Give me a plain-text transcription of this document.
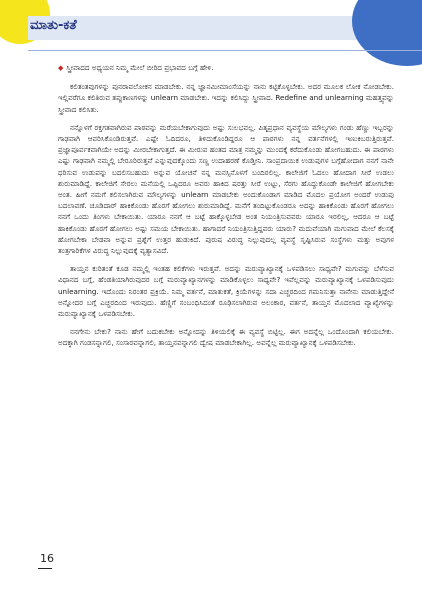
ಮಾತು-ಕತೆ

◆ ಸ್ತ್ರೀವಾದದ ಅಧ್ಯಯನ ನಿಮ್ಮ ಮೇಲೆ ಬೀರಿದ ಪ್ರಭಾವದ ಬಗ್ಗೆ ಹೇಳಿ.

ಕಲಿತಂತವುಗಳನ್ನು ಪುನರಾವಲೋಕನ ಮಾಡಬೇಕು. ನನ್ನ ಜ್ಞಾನಮೀಮಾಂಸೆಯನ್ನು ನಾನು ಕಟ್ಟಿಕೊಳ್ಳಬೇಕು. ಅದರ ಮೂಲಕ ಲೋಕ ನೋಡಬೇಕು. ಇಲ್ಲಿವರೆಗೂ ಕಲಿತಿರುವ ತಪ್ಪುಕಾಣಗಳನ್ನು unlearn ಮಾಡಬೇಕು. ಇದನ್ನು ಕಲಿಸಿದ್ದು ಸ್ತ್ರೀವಾದ. Redefine and unlearning ಮಹತ್ತ್ವವನ್ನು ಸ್ತ್ರೀವಾದ ಕಲಿಸಿತು.

ನನ್ನೊಳಗೆ ರಕ್ತಗತವಾಗಿರುವ ಪಾಠವನ್ನು ಮರೆಯಬೇಕಾಗುವುದು ಅಷ್ಟು ಸುಲಭವಲ್ಲ. ಪಿತೃಪ್ರಧಾನ ವ್ಯವಸ್ಥೆಯ ಮೌಲ್ಯಗಳು ಗಂಡು ಹೆಣ್ಣು ಇಬ್ಬರನ್ನು ಗಾಢವಾಗಿ ಆವರಿಸಿಕೊಂಡಿರುತ್ತವೆ. ಎಷ್ಟೇ ಓದಿದರೂ, ತಿಳಿದುಕೊಂಡಿದ್ದರೂ ಆ ಪಾಠಗಳು ನನ್ನ ವರ್ತನೆಗಳಲ್ಲಿ ಇಣುಕಿಬರುತ್ತಿರುತ್ತವೆ. ಪ್ರಜ್ಞಾಪೂರ್ವಕವಾಗಿಯೇ ಅದನ್ನು ಮೀರಬೇಕಾಗುತ್ತದೆ. ಈ ಮೀರುವ ಹಂತದ ಮಾತ್ರ ನಮ್ಮನ್ನು ಮುಂದಕ್ಕೆ ಕರೆದುಕೊಂಡು ಹೋಗಬಹುದು. ಈ ಪಾಠಗಳು ಎಷ್ಟು ಗಾಢವಾಗಿ ನಮ್ಮಲ್ಲಿ ಬೇರೂರಿರುತ್ತವೆ ಎನ್ನುವುದಕ್ಕೊಂದು ಸಣ್ಣ ಉದಾಹರಣೆ ಕೊಡ್ತೀನಿ. ಸಾಂಪ್ರದಾಯಿಕ ಉಡುಪುಗಳ ಬಗ್ಗೆಹೋದಾಗ ನನಗೆ ನಾನೇ ಧರಿಸುವ ಉಡುಪನ್ನು ಬದಲಿಸಬಹುದು ಅನ್ನುವ ಯೋಚನೆ ನನ್ನ ಮನಸ್ಸಿನೊಳಗೆ ಬಂದಿರಲಿಲ್ಲ. ಕಾಲೇಜಿಗೆ ಓದಲು ಹೋದಾಗ ಸೀರೆ ಉಡಲು ಶುರುಮಾಡಿದ್ದೆ. ಕಾಲೇಜಿಗೆ ಸೇರಲು ಮನೆಯಲ್ಲಿ ಒಪ್ಪಿದರೂ ಅವರು ಹಾಕಿದ ಷರತ್ತು ಸೀರೆ ಉಟ್ಟು, ಸೆರಗು ಹೊದ್ದುಕೊಂಡೇ ಕಾಲೇಜಿಗೆ ಹೋಗಬೇಕು ಅಂತ. ಹೀಗೆ ನಮಗೆ ಕಲಿಸಲಾಗಿರುವ ಮೌಲ್ಯಗಳನ್ನು unlearn ಮಾಡಬೇಕು ಅಂದುಕೊಂಡಾಗ ಮಾಡಿದ ಮೊದಲ ಪ್ರಯೋಗ ಅಂದರೆ ಉಡುಪು ಬದಲಾವಣೆ. ಚೂಡಿದಾರ್ ಹಾಕಿಕೊಂಡು ಹೊರಗೆ ಹೋಗಲು ಶುರುಮಾಡಿದ್ದೆ. ಮನೆಗೆ ತಂದಿಟ್ಟುಕೊಂಡರೂ ಅದನ್ನು ಹಾಕಿಕೊಂಡು ಹೊರಗೆ ಹೋಗಲು ನನಗೆ ಒಂದು ತಿಂಗಳು ಬೇಕಾಯಿತು. ಯಾರೂ ನನಗೆ ಆ ಬಟ್ಟೆ ಹಾಕ್ಕೊಳ್ಳಬೇಡ ಅಂತ ನಿಯಂತ್ರಿಸುವವರು ಯಾರೂ ಇರಲಿಲ್ಲ, ಆದರೂ ಆ ಬಟ್ಟೆ ಹಾಕಿಕೊಂಡು ಹೊರಗೆ ಹೋಗಲು ಅಷ್ಟು ಸಮಯ ಬೇಕಾಯಿತು. ಹಾಗಾದರೆ ನಿಯಂತ್ರಿಸುತ್ತಿದ್ದವರು ಯಾರು? ಮದುವೆಯಾಗಿ ಮಗುವಾದ ಮೇಲೆ ಕೆಲಸಕ್ಕೆ ಹೋಗಬೇಕಾ ಬೇಡವಾ ಅನ್ನುವ ಪ್ರಶ್ನೆಗೆ ಉತ್ತರ ಹುಡುಕಿದೆ. ಪುರುಷ ವಿರುದ್ಧ ನಿಲ್ಲುವುದಲ್ಲ ವ್ಯವಸ್ಥೆ ಸೃಷ್ಟಿಸಿರುವ ಸಂಸ್ಥೆಗಳು ಮತ್ತು ಅವುಗಳ ತಂತ್ರಗಾರಿಕೆಗಳ ವಿರುದ್ಧ ನಿಲ್ಲುವುದಕ್ಕೆ ವ್ಯತ್ಯಾಸವಿದೆ.

ತಾಯ್ತನ ಕುರಿತಂತೆ ಕೂಡ ನಮ್ಮಲ್ಲಿ ಇಂತಹ ಕಲಿಕೆಗಳು ಇರುತ್ತವೆ. ಅದನ್ನು ಮರುವ್ಯಾಖ್ಯಾನಕ್ಕೆ ಒಳಪಡಿಸಲು ಸಾಧ್ಯವೇ? ಮಗುವನ್ನು ಬೆಳೆಸುವ ವಿಧಾನದ ಬಗ್ಗೆ, ಹೆಂಡತಿಯಾಗಿರುವುದರ ಬಗ್ಗೆ ಮರುವ್ಯಾಖ್ಯಾನಗಳನ್ನು ಮಾಡಿಕೊಳ್ಳಲು ಸಾಧ್ಯವೇ? ಇವೆಲ್ಲವನ್ನು ಮರುವ್ಯಾಖ್ಯಾನಕ್ಕೆ ಒಳಪಡಿಸುವುದು unlearning. ಇದೊಂದು ನಿರಂತರ ಪ್ರಕ್ರಿಯೆ. ನಿಮ್ಮ ವರ್ತನೆ, ಮಾತುಕತೆ, ಕ್ರಿಯೆಗಳನ್ನು ಸದಾ ಎಚ್ಚರದಿಂದ ಗಮನಿಸುತ್ತಾ ನಾನೇನು ಮಾಡುತ್ತಿದ್ದೇನೆ ಅನ್ನೋದರ ಬಗ್ಗೆ ಎಚ್ಚರದಿಂದ ಇರುವುದು. ಹೆಣ್ಣಿಗೆ ಸಂಬಂಧಿಸಿದಂತೆ ರೂಢಿಸಲಾಗಿರುವ ಅಲಂಕಾರ, ವರ್ತನೆ, ತಾಯ್ತನ ಮೊದಲಾದ ವ್ಯಾಖ್ಯೆಗಳನ್ನು ಮರುವ್ಯಾಖ್ಯಾನಕ್ಕೆ ಒಳಪಡಿಸಬೇಕು.

ನನಗೇನು ಬೇಕು? ನಾನು ಹೇಗೆ ಬದುಕಬೇಕು ಅನ್ನೋದನ್ನು ತಿಳಿಯಲಿಕ್ಕೆ ಈ ವ್ಯವಸ್ಥೆ ಬಿಟ್ಟಿಲ್ಲ. ಈಗ ಅದನ್ನೆಲ್ಲ ಒಂದೊಂದಾಗಿ ಕಲಿಯಬೇಕು. ಅದಕ್ಕಾಗಿ ಗಂಡಸನ್ನಾಗಲಿ, ಸಂಸಾರವನ್ನಾಗಲಿ, ತಾಯ್ತನವನ್ನಾಗಲಿ ದ್ವೇಷ ಮಾಡಬೇಕಾಗಿಲ್ಲ. ಅವನ್ನೆಲ್ಲ ಮರುವ್ಯಾಖ್ಯಾನಕ್ಕೆ ಒಳಪಡಿಸಬೇಕು.

16
